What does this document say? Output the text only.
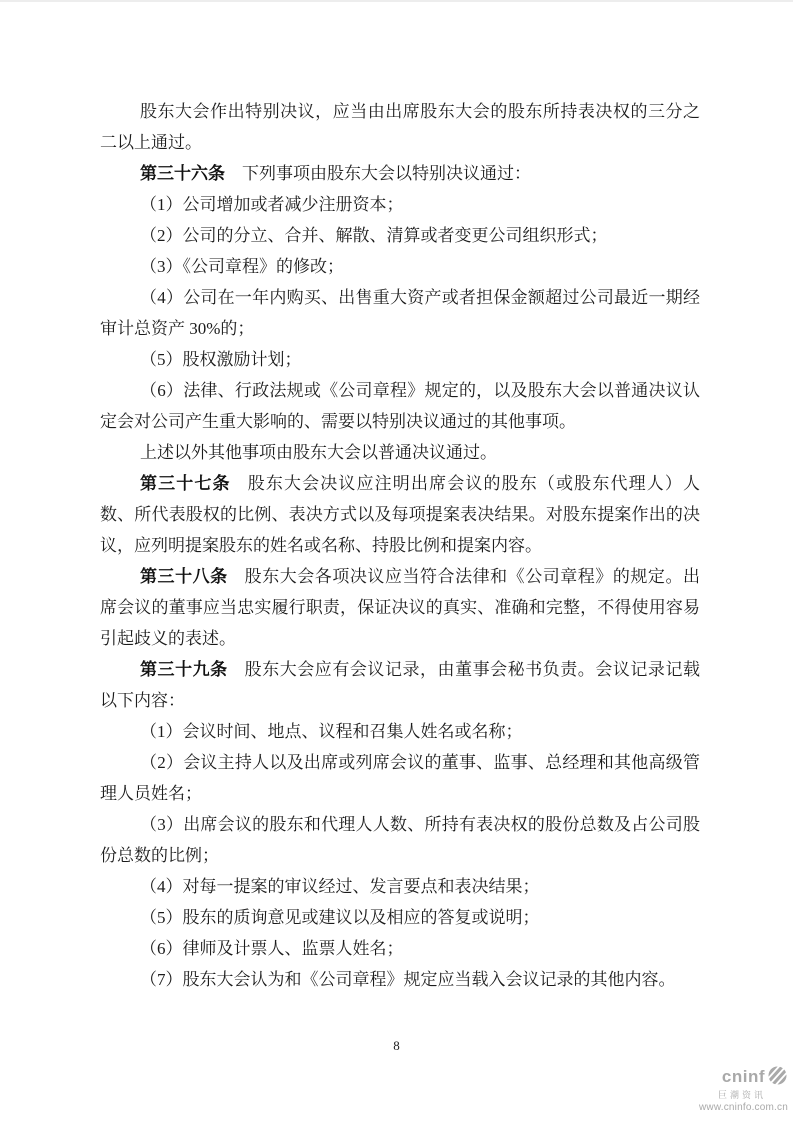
股东大会作出特别决议，应当由出席股东大会的股东所持表决权的三分之二以上通过。

第三十六条 下列事项由股东大会以特别决议通过：

（1）公司增加或者减少注册资本；

（2）公司的分立、合并、解散、清算或者变更公司组织形式；

（3）《公司章程》的修改；

（4）公司在一年内购买、出售重大资产或者担保金额超过公司最近一期经审计总资产 30%的；

（5）股权激励计划；

（6）法律、行政法规或《公司章程》规定的，以及股东大会以普通决议认定会对公司产生重大影响的、需要以特别决议通过的其他事项。

上述以外其他事项由股东大会以普通决议通过。

第三十七条 股东大会决议应注明出席会议的股东（或股东代理人）人数、所代表股权的比例、表决方式以及每项提案表决结果。对股东提案作出的决议，应列明提案股东的姓名或名称、持股比例和提案内容。

第三十八条 股东大会各项决议应当符合法律和《公司章程》的规定。出席会议的董事应当忠实履行职责，保证决议的真实、准确和完整，不得使用容易引起歧义的表述。

第三十九条 股东大会应有会议记录，由董事会秘书负责。会议记录记载以下内容：

（1）会议时间、地点、议程和召集人姓名或名称；

（2）会议主持人以及出席或列席会议的董事、监事、总经理和其他高级管理人员姓名；

（3）出席会议的股东和代理人人数、所持有表决权的股份总数及占公司股份总数的比例；

（4）对每一提案的审议经过、发言要点和表决结果；

（5）股东的质询意见或建议以及相应的答复或说明；

（6）律师及计票人、监票人姓名；

（7）股东大会认为和《公司章程》规定应当载入会议记录的其他内容。

8
cninf
巨潮资讯
www.cninfo.com.cn
